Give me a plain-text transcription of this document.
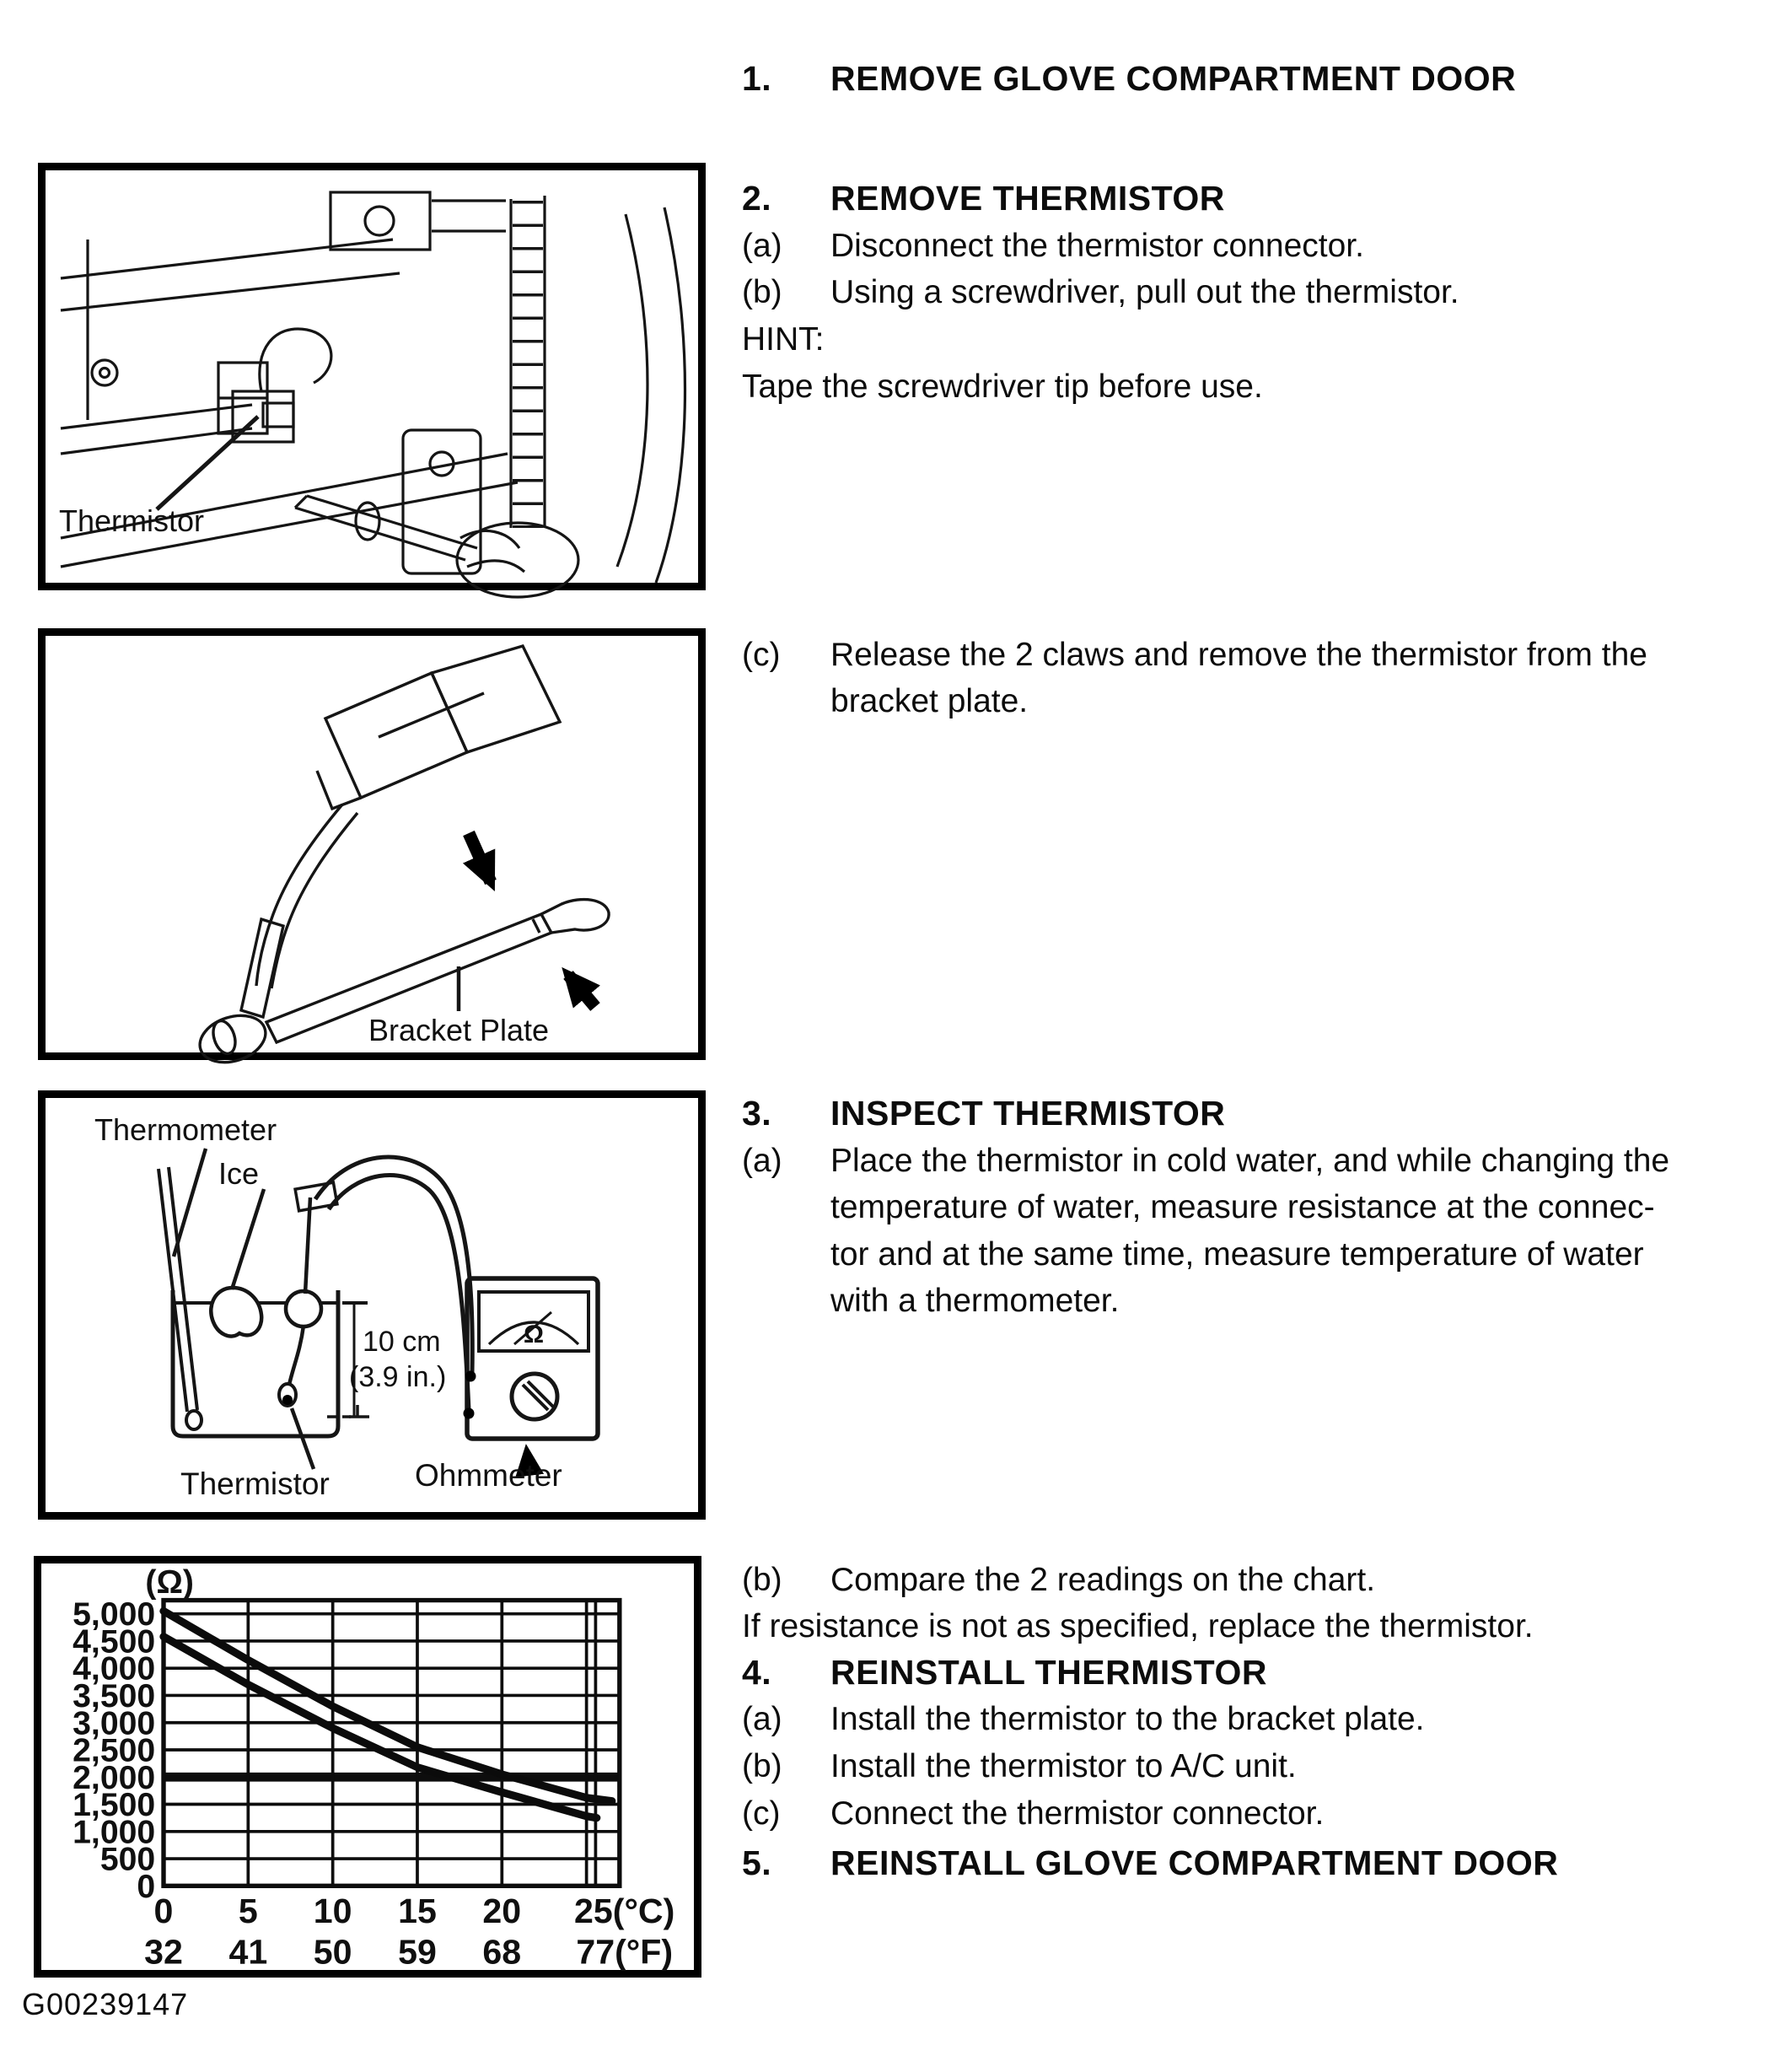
Thermistor
Bracket Plate
Thermometer
Ice
10 cm
(3.9 in.)
Ω
Thermistor	Ohmmeter
0
500
1,000
1,500
2,000
2,500
3,000
3,500
4,000
4,500
5,000
(Ω)
0 5 10 15 20 25(°C)
32 41 50 59 68 77(°F)
G00239147
1. REMOVE GLOVE COMPARTMENT DOOR
2. REMOVE THERMISTOR
(a) Disconnect the thermistor connector.
(b) Using a screwdriver, pull out the thermistor.
HINT:
Tape the screwdriver tip before use.
(c) Release the 2 claws and remove the thermistor from the
bracket plate.
3. INSPECT THERMISTOR
(a) Place the thermistor in cold water, and while changing the
temperature of water, measure resistance at the connec-
tor and at the same time, measure temperature of water
with a thermometer.
(b) Compare the 2 readings on the chart.
If resistance is not as specified, replace the thermistor.
4. REINSTALL THERMISTOR
(a) Install the thermistor to the bracket plate.
(b) Install the thermistor to A/C unit.
(c) Connect the thermistor connector.
5. REINSTALL GLOVE COMPARTMENT DOOR
